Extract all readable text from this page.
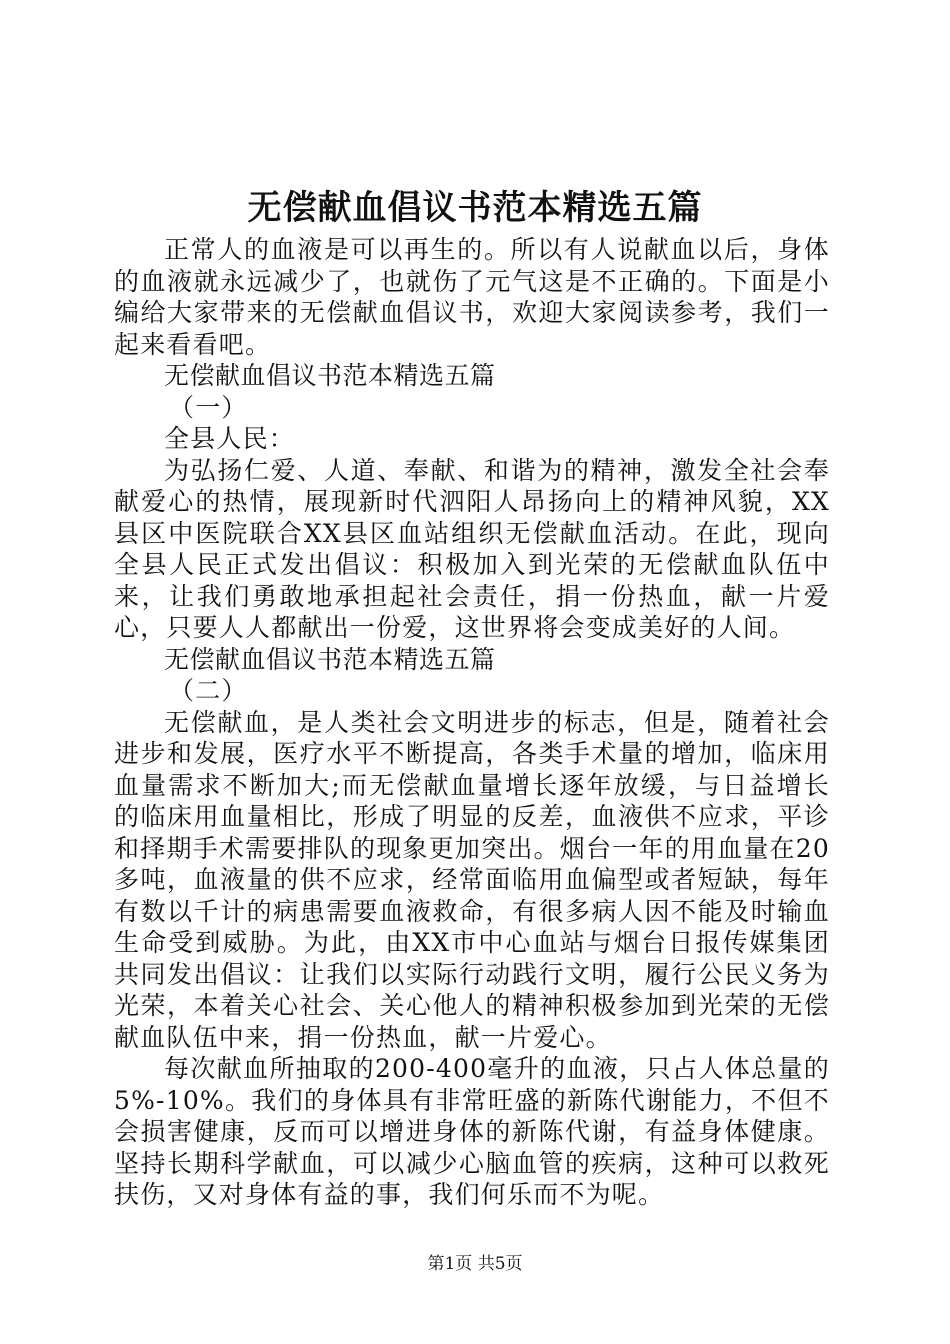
无偿献血倡议书范本精选五篇

正常人的血液是可以再生的。所以有人说献血以后，身体的血液就永远减少了，也就伤了元气这是不正确的。下面是小编给大家带来的无偿献血倡议书，欢迎大家阅读参考，我们一起来看看吧。

无偿献血倡议书范本精选五篇

（一）

全县人民：

为弘扬仁爱、人道、奉献、和谐为的精神，激发全社会奉献爱心的热情，展现新时代泗阳人昂扬向上的精神风貌，XX县区中医院联合XX县区血站组织无偿献血活动。在此，现向全县人民正式发出倡议：积极加入到光荣的无偿献血队伍中来，让我们勇敢地承担起社会责任，捐一份热血，献一片爱心，只要人人都献出一份爱，这世界将会变成美好的人间。

无偿献血倡议书范本精选五篇

（二）

无偿献血，是人类社会文明进步的标志，但是，随着社会进步和发展，医疗水平不断提高，各类手术量的增加，临床用血量需求不断加大;而无偿献血量增长逐年放缓，与日益增长的临床用血量相比，形成了明显的反差，血液供不应求，平诊和择期手术需要排队的现象更加突出。烟台一年的用血量在20多吨，血液量的供不应求，经常面临用血偏型或者短缺，每年有数以千计的病患需要血液救命，有很多病人因不能及时输血生命受到威胁。为此，由XX市中心血站与烟台日报传媒集团共同发出倡议：让我们以实际行动践行文明，履行公民义务为光荣，本着关心社会、关心他人的精神积极参加到光荣的无偿献血队伍中来，捐一份热血，献一片爱心。

每次献血所抽取的200-400毫升的血液，只占人体总量的5%-10%。我们的身体具有非常旺盛的新陈代谢能力，不但不会损害健康，反而可以增进身体的新陈代谢，有益身体健康。坚持长期科学献血，可以减少心脑血管的疾病，这种可以救死扶伤，又对身体有益的事，我们何乐而不为呢。

第1页 共5页
